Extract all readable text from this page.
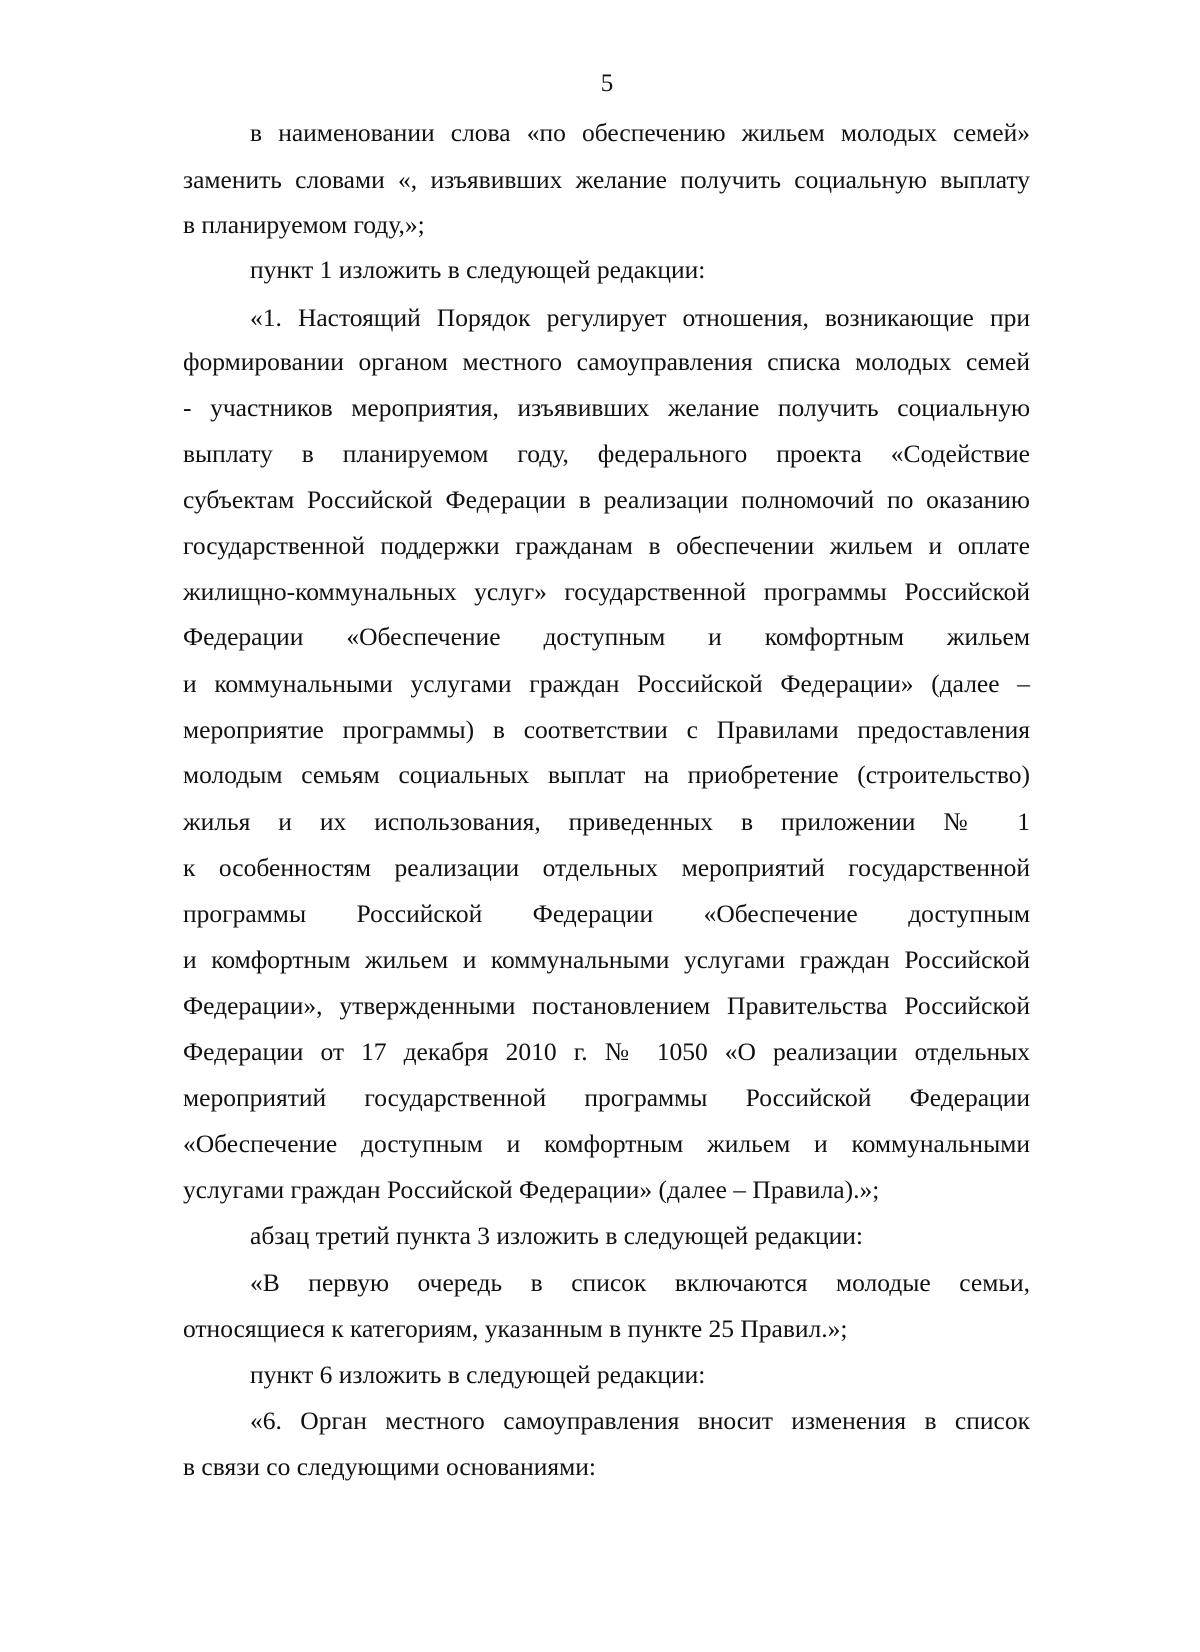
5
в наименовании слова «по обеспечению жильем молодых семей»
заменить словами «, изъявивших желание получить социальную выплату
в планируемом году,»;
пункт 1 изложить в следующей редакции:
«1. Настоящий Порядок регулирует отношения, возникающие при
формировании органом местного самоуправления списка молодых семей
- участников мероприятия, изъявивших желание получить социальную
выплату в планируемом году, федерального проекта «Содействие
субъектам Российской Федерации в реализации полномочий по оказанию
государственной поддержки гражданам в обеспечении жильем и оплате
жилищно-коммунальных услуг» государственной программы Российской
Федерации «Обеспечение доступным и комфортным жильем
и коммунальными услугами граждан Российской Федерации» (далее –
мероприятие программы) в соответствии с Правилами предоставления
молодым семьям социальных выплат на приобретение (строительство)
жилья и их использования, приведенных в приложении № 1
к особенностям реализации отдельных мероприятий государственной
программы Российской Федерации «Обеспечение доступным
и комфортным жильем и коммунальными услугами граждан Российской
Федерации», утвержденными постановлением Правительства Российской
Федерации от 17 декабря 2010 г. № 1050 «О реализации отдельных
мероприятий государственной программы Российской Федерации
«Обеспечение доступным и комфортным жильем и коммунальными
услугами граждан Российской Федерации» (далее – Правила).»;
абзац третий пункта 3 изложить в следующей редакции:
«В первую очередь в список включаются молодые семьи,
относящиеся к категориям, указанным в пункте 25 Правил.»;
пункт 6 изложить в следующей редакции:
«6. Орган местного самоуправления вносит изменения в список
в связи со следующими основаниями:
